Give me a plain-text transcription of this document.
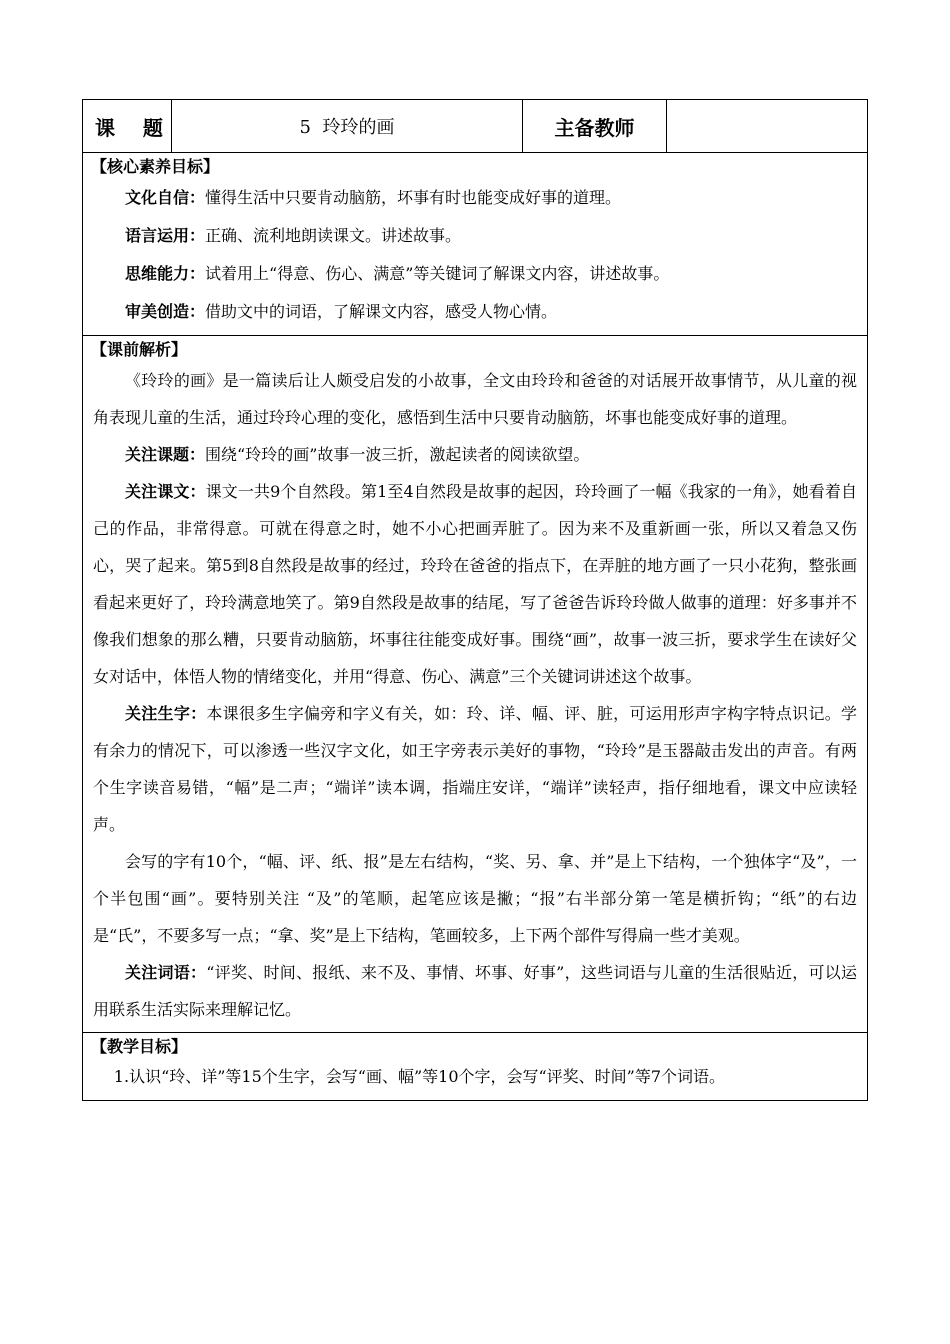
课    题	5  玲玲的画	主备教师
【核心素养目标】

文化自信：懂得生活中只要肯动脑筋，坏事有时也能变成好事的道理。

语言运用：正确、流利地朗读课文。讲述故事。

思维能力：试着用上“得意、伤心、满意”等关键词了解课文内容，讲述故事。

审美创造：借助文中的词语，了解课文内容，感受人物心情。

【课前解析】

《玲玲的画》是一篇读后让人颇受启发的小故事，全文由玲玲和爸爸的对话展开故事情节，从儿童的视角表现儿童的生活，通过玲玲心理的变化，感悟到生活中只要肯动脑筋，坏事也能变成好事的道理。

关注课题：围绕“玲玲的画”故事一波三折，激起读者的阅读欲望。

关注课文：课文一共9个自然段。第1至4自然段是故事的起因，玲玲画了一幅《我家的一角》，她看着自己的作品，非常得意。可就在得意之时，她不小心把画弄脏了。因为来不及重新画一张，所以又着急又伤心，哭了起来。第5到8自然段是故事的经过，玲玲在爸爸的指点下，在弄脏的地方画了一只小花狗，整张画看起来更好了，玲玲满意地笑了。第9自然段是故事的结尾，写了爸爸告诉玲玲做人做事的道理：好多事并不像我们想象的那么糟，只要肯动脑筋，坏事往往能变成好事。围绕“画”，故事一波三折，要求学生在读好父女对话中，体悟人物的情绪变化，并用“得意、伤心、满意”三个关键词讲述这个故事。

关注生字：本课很多生字偏旁和字义有关，如：玲、详、幅、评、脏，可运用形声字构字特点识记。学有余力的情况下，可以渗透一些汉字文化，如王字旁表示美好的事物，“玲玲”是玉器敲击发出的声音。有两个生字读音易错，“幅”是二声；“端详”读本调，指端庄安详，“端详”读轻声，指仔细地看，课文中应读轻声。

会写的字有10个，“幅、评、纸、报”是左右结构，“奖、另、拿、并”是上下结构，一个独体字“及”，一个半包围“画”。要特别关注 “及”的笔顺，起笔应该是撇；“报”右半部分第一笔是横折钩；“纸”的右边是“氏”，不要多写一点；“拿、奖”是上下结构，笔画较多，上下两个部件写得扁一些才美观。

关注词语：“评奖、时间、报纸、来不及、事情、坏事、好事”，这些词语与儿童的生活很贴近，可以运用联系生活实际来理解记忆。

【教学目标】

1.认识“玲、详”等15个生字，会写“画、幅”等10个字，会写“评奖、时间”等7个词语。
